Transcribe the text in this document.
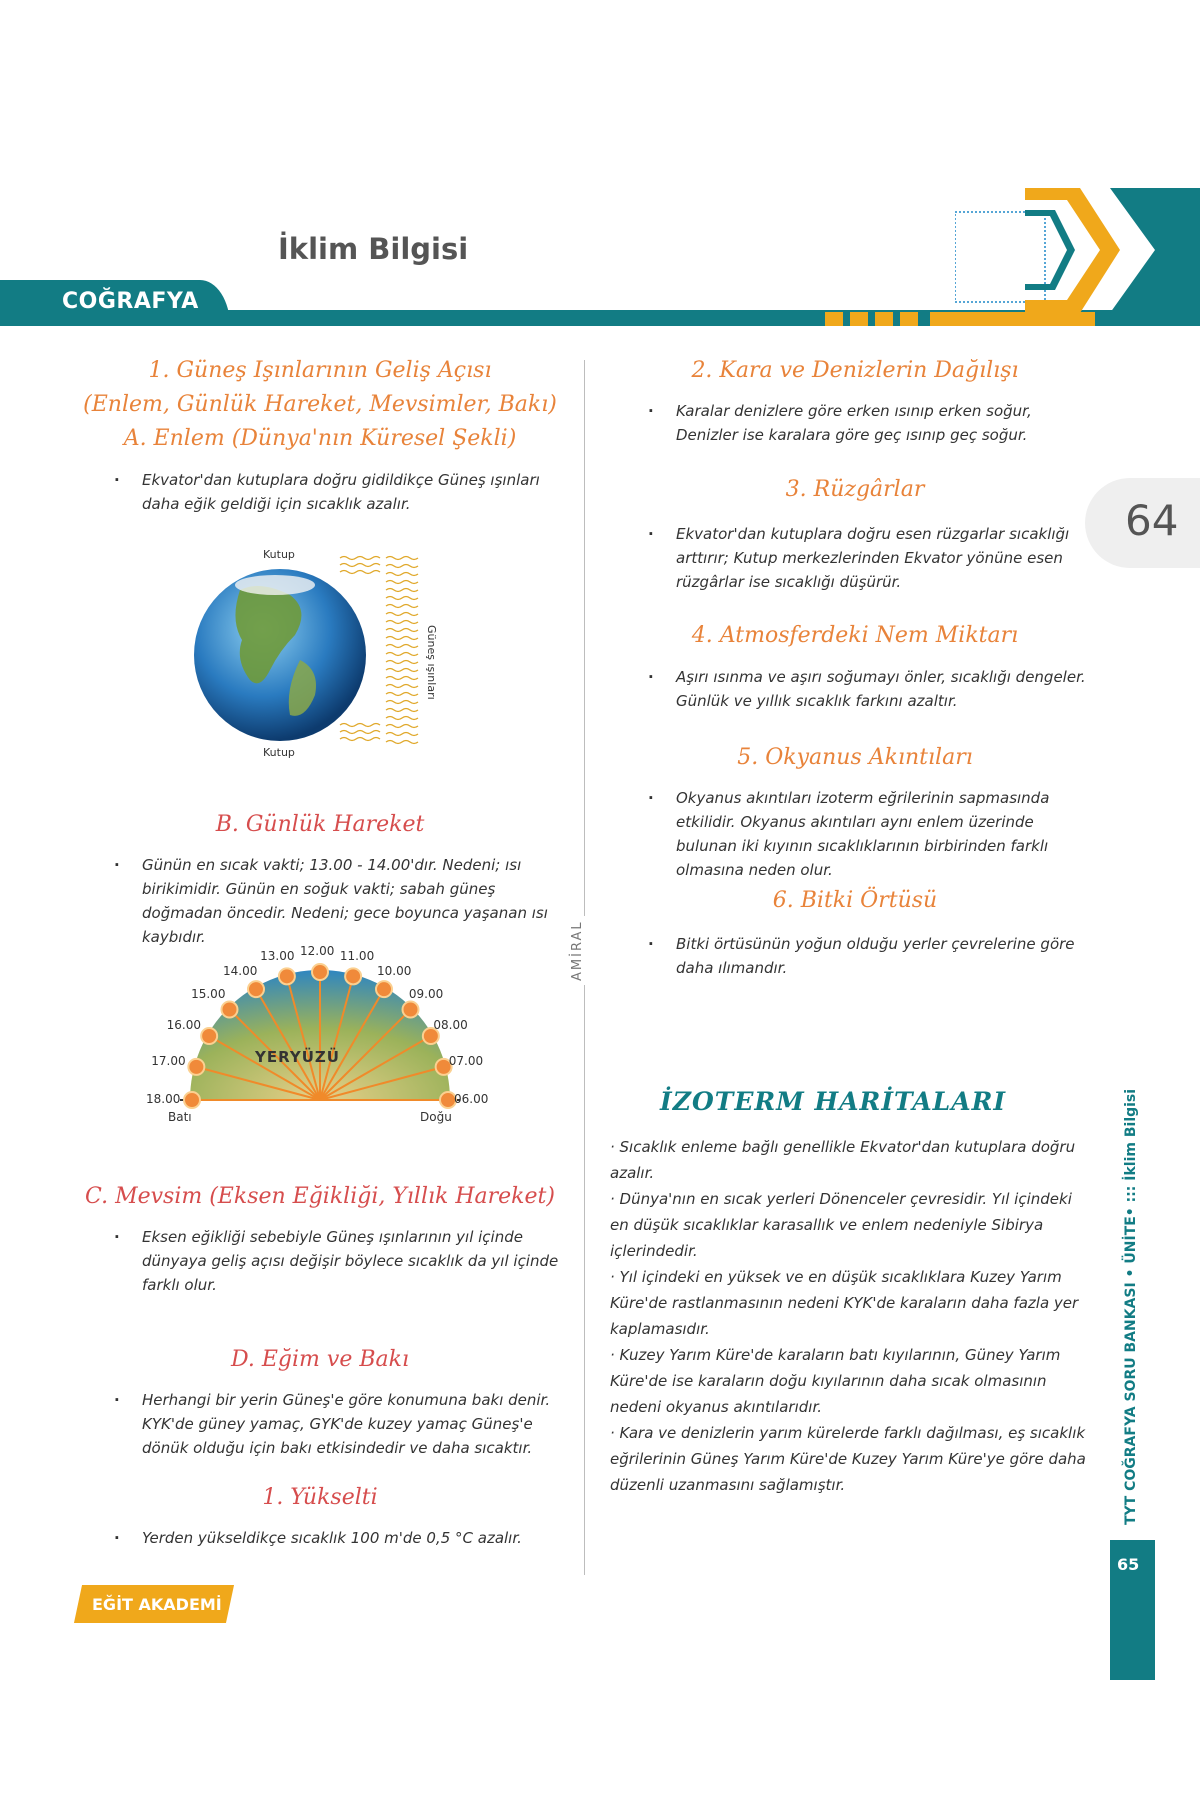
İklim Bilgisi
COĞRAFYA
64
1. Güneş Işınlarının Geliş Açısı
(Enlem, Günlük Hareket, Mevsimler, Bakı)
A. Enlem (Dünya'nın Küresel Şekli)
· Ekvator'dan kutuplara doğru gidildikçe Güneş ışınları daha eğik geldiği için sıcaklık azalır.
Kutup
Kutup
Güneş ışınları
B. Günlük Hareket
· Günün en sıcak vakti; 13.00 - 14.00'dır. Nedeni; ısı birikimidir. Günün en soğuk vakti; sabah güneş doğmadan öncedir. Nedeni; gece boyunca yaşanan ısı kaybıdır.
18.00
17.00
16.00
15.00
14.00
13.00 12.00 11.00
10.00
09.00
08.00
07.00
06.00
YERYÜZÜ
Batı	Doğu
C. Mevsim (Eksen Eğikliği, Yıllık Hareket)
· Eksen eğikliği sebebiyle Güneş ışınlarının yıl içinde dünyaya geliş açısı değişir böylece sıcaklık da yıl içinde farklı olur.
D. Eğim ve Bakı
· Herhangi bir yerin Güneş'e göre konumuna bakı denir. KYK'de güney yamaç, GYK'de kuzey yamaç Güneş'e dönük olduğu için bakı etkisindedir ve daha sıcaktır.
1. Yükselti
· Yerden yükseldikçe sıcaklık 100 m'de 0,5 °C azalır.
AMİRAL
2. Kara ve Denizlerin Dağılışı
· Karalar denizlere göre erken ısınıp erken soğur, Denizler ise karalara göre geç ısınıp geç soğur.
3. Rüzgârlar
· Ekvator'dan kutuplara doğru esen rüzgarlar sıcaklığı arttırır; Kutup merkezlerinden Ekvator yönüne esen rüzgârlar ise sıcaklığı düşürür.
4. Atmosferdeki Nem Miktarı
· Aşırı ısınma ve aşırı soğumayı önler, sıcaklığı dengeler. Günlük ve yıllık sıcaklık farkını azaltır.
5. Okyanus Akıntıları
· Okyanus akıntıları izoterm eğrilerinin sapmasında etkilidir. Okyanus akıntıları aynı enlem üzerinde bulunan iki kıyının sıcaklıklarının birbirinden farklı olmasına neden olur.
6. Bitki Örtüsü
· Bitki örtüsünün yoğun olduğu yerler çevrelerine göre daha ılımandır.
İZOTERM HARİTALARI
· Sıcaklık enleme bağlı genellikle Ekvator'dan kutuplara doğru azalır.
· Dünya'nın en sıcak yerleri Dönenceler çevresidir. Yıl içindeki en düşük sıcaklıklar karasallık ve enlem nedeniyle Sibirya içlerindedir.
· Yıl içindeki en yüksek ve en düşük sıcaklıklara Kuzey Yarım Küre'de rastlanmasının nedeni KYK'de karaların daha fazla yer kaplamasıdır.
· Kuzey Yarım Küre'de karaların batı kıyılarının, Güney Yarım Küre'de ise karaların doğu kıyılarının daha sıcak olmasının nedeni okyanus akıntılarıdır.
· Kara ve denizlerin yarım kürelerde farklı dağılması, eş sıcaklık eğrilerinin Güneş Yarım Küre'de Kuzey Yarım Küre'ye göre daha düzenli uzanmasını sağlamıştır.	TYT COĞRAFYA SORU BANKASI • ÜNİTE• ::: İklim Bilgisi
65
EĞİT AKADEMİ
